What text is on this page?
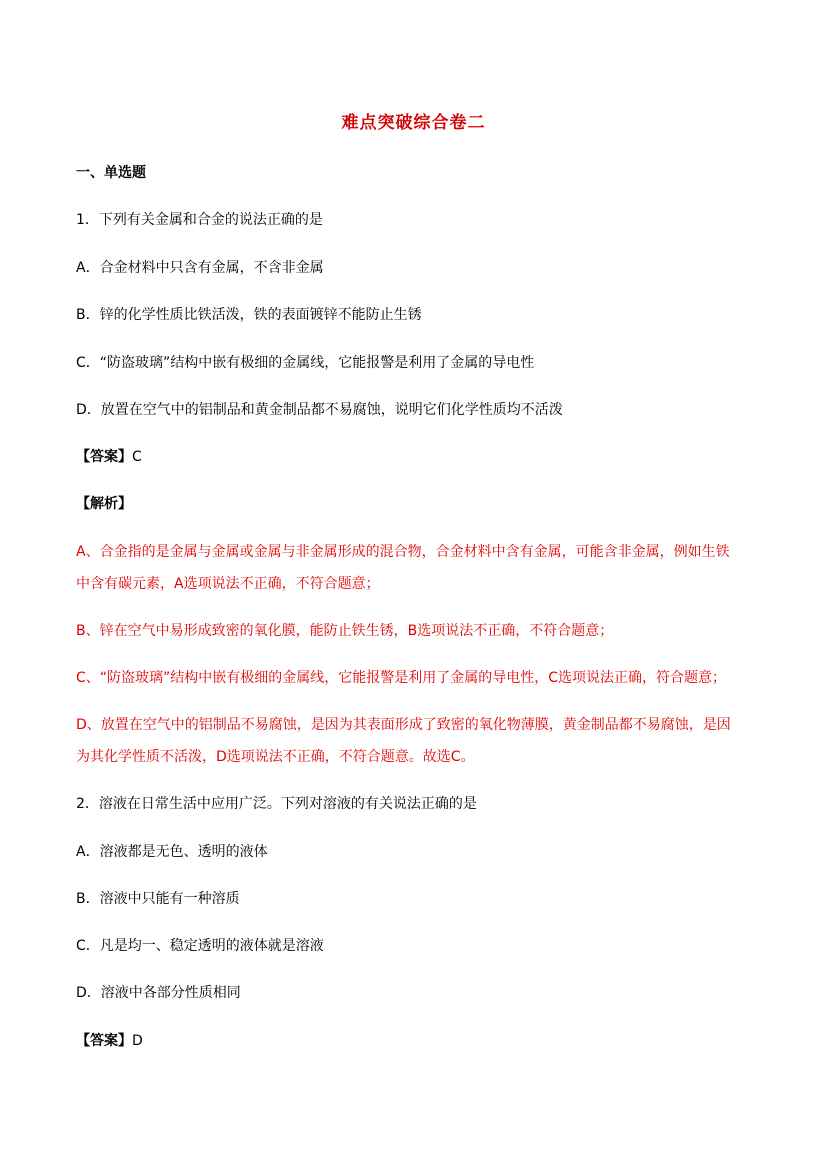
难点突破综合卷二
一、单选题
1．下列有关金属和合金的说法正确的是
A．合金材料中只含有金属，不含非金属
B．锌的化学性质比铁活泼，铁的表面镀锌不能防止生锈
C．“防盗玻璃”结构中嵌有极细的金属线，它能报警是利用了金属的导电性
D．放置在空气中的铝制品和黄金制品都不易腐蚀，说明它们化学性质均不活泼
【答案】C
【解析】
A、合金指的是金属与金属或金属与非金属形成的混合物，合金材料中含有金属，可能含非金属，例如生铁
中含有碳元素，A选项说法不正确，不符合题意；
B、锌在空气中易形成致密的氧化膜，能防止铁生锈，B选项说法不正确，不符合题意；
C、“防盗玻璃”结构中嵌有极细的金属线，它能报警是利用了金属的导电性，C选项说法正确，符合题意；
D、放置在空气中的铝制品不易腐蚀，是因为其表面形成了致密的氧化物薄膜，黄金制品都不易腐蚀，是因
为其化学性质不活泼，D选项说法不正确，不符合题意。故选C。
2．溶液在日常生活中应用广泛。下列对溶液的有关说法正确的是
A．溶液都是无色、透明的液体
B．溶液中只能有一种溶质
C．凡是均一、稳定透明的液体就是溶液
D．溶液中各部分性质相同
【答案】D
